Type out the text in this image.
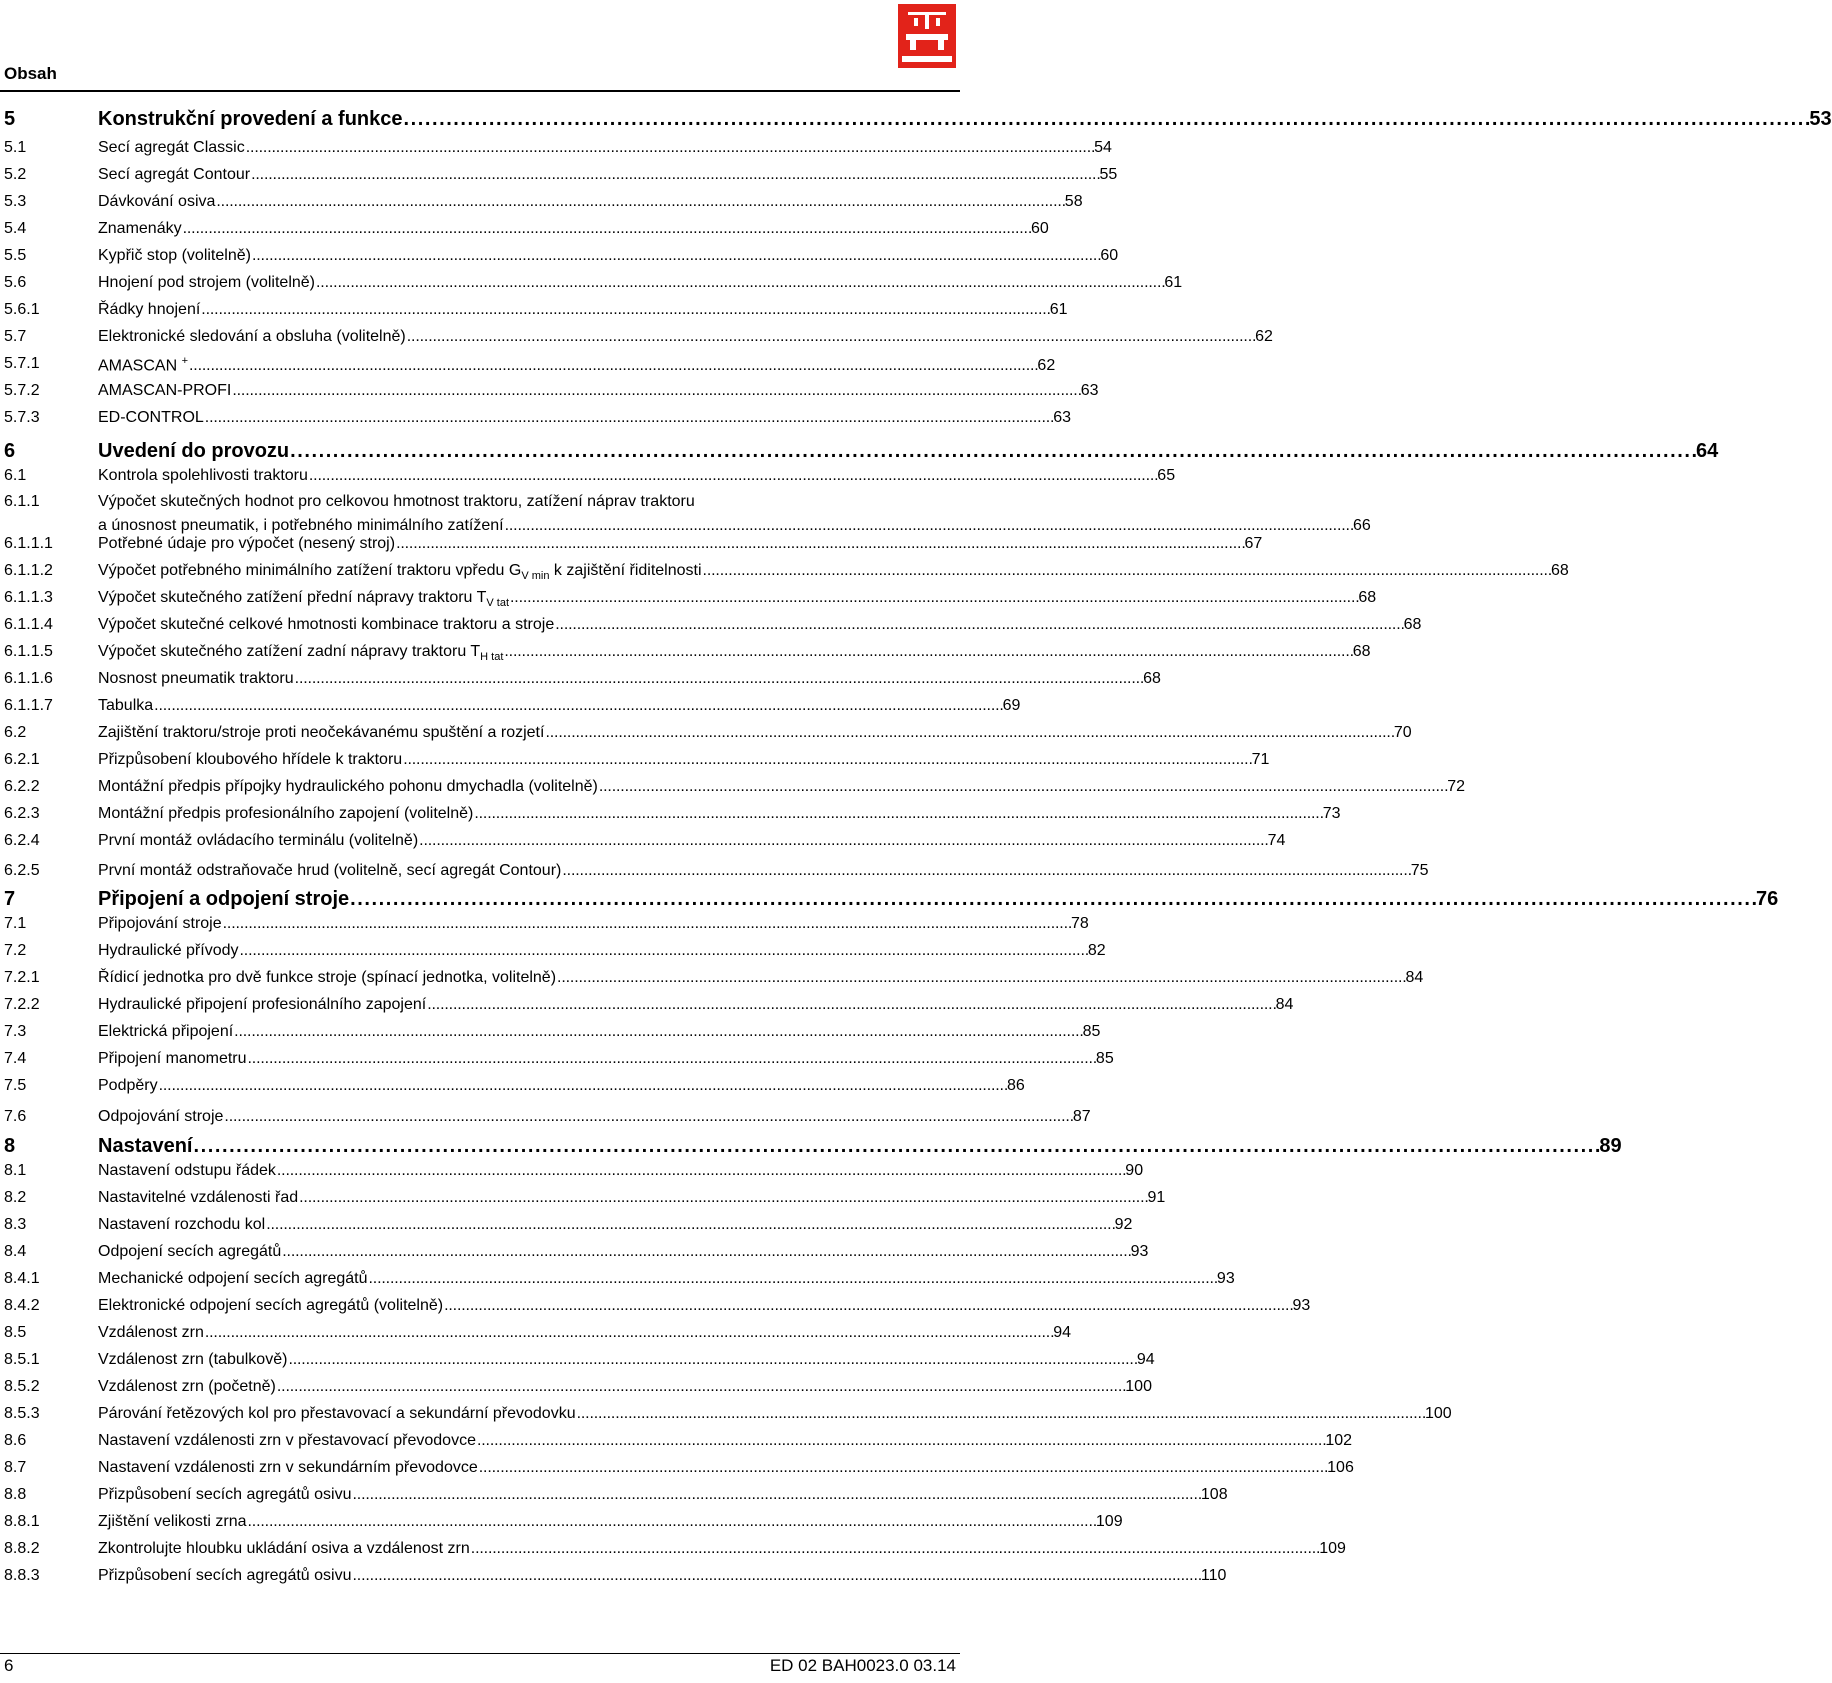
Obsah
5	Konstrukční provedení a funkce . . .	53
5.1	Secí agregát Classic . . .	54
5.2	Secí agregát Contour . . .	55
5.3	Dávkování osiva . . .	58
5.4	Znamenáky . . .	60
5.5	Kypřič stop (volitelně) . . .	60
5.6	Hnojení pod strojem (volitelně) . . .	61
5.6.1	Řádky hnojení . . .	61
5.7	Elektronické sledování a obsluha (volitelně) . . .	62
5.7.1	AMASCAN + . . .	62
5.7.2	AMASCAN-PROFI . . .	63
5.7.3	ED-CONTROL . . .	63
6	Uvedení do provozu . . .	64
6.1	Kontrola spolehlivosti traktoru . . .	65
6.1.1	Výpočet skutečných hodnot pro celkovou hmotnost traktoru, zatížení náprav traktoru
a únosnost pneumatik, i potřebného minimálního zatížení . . .	66
6.1.1.1	Potřebné údaje pro výpočet (nesený stroj) . . .	67
6.1.1.2	Výpočet potřebného minimálního zatížení traktoru vpředu $G_{V min}$ k zajištění řiditelnosti . . .	68
6.1.1.3	Výpočet skutečného zatížení přední nápravy traktoru $T_{V tat}$ . . .	68
6.1.1.4	Výpočet skutečné celkové hmotnosti kombinace traktoru a stroje . . .	68
6.1.1.5	Výpočet skutečného zatížení zadní nápravy traktoru $T_{H tat}$ . . .	68
6.1.1.6	Nosnost pneumatik traktoru . . .	68
6.1.1.7	Tabulka . . .	69
6.2	Zajištění traktoru/stroje proti neočekávanému spuštění a rozjetí . . .	70
6.2.1	Přizpůsobení kloubového hřídele k traktoru . . .	71
6.2.2	Montážní předpis přípojky hydraulického pohonu dmychadla (volitelně) . . .	72
6.2.3	Montážní předpis profesionálního zapojení (volitelně) . . .	73
6.2.4	První montáž ovládacího terminálu (volitelně) . . .	74
6.2.5	První montáž odstraňovače hrud (volitelně, secí agregát Contour) . . .	75
7	Připojení a odpojení stroje . . .	76
7.1	Připojování stroje . . .	78
7.2	Hydraulické přívody . . .	82
7.2.1	Řídicí jednotka pro dvě funkce stroje (spínací jednotka, volitelně) . . .	84
7.2.2	Hydraulické připojení profesionálního zapojení . . .	84
7.3	Elektrická připojení . . .	85
7.4	Připojení manometru . . .	85
7.5	Podpěry . . .	86
7.6	Odpojování stroje . . .	87
8	Nastavení . . .	89
8.1	Nastavení odstupu řádek . . .	90
8.2	Nastavitelné vzdálenosti řad . . .	91
8.3	Nastavení rozchodu kol . . .	92
8.4	Odpojení secích agregátů . . .	93
8.4.1	Mechanické odpojení secích agregátů . . .	93
8.4.2	Elektronické odpojení secích agregátů (volitelně) . . .	93
8.5	Vzdálenost zrn . . .	94
8.5.1	Vzdálenost zrn (tabulkově) . . .	94
8.5.2	Vzdálenost zrn (početně) . . .	100
8.5.3	Párování řetězových kol pro přestavovací a sekundární převodovku . . .	100
8.6	Nastavení vzdálenosti zrn v přestavovací převodovce . . .	102
8.7	Nastavení vzdálenosti zrn v sekundárním převodovce . . .	106
8.8	Přizpůsobení secích agregátů osivu . . .	108
8.8.1	Zjištění velikosti zrna . . .	109
8.8.2	Zkontrolujte hloubku ukládání osiva a vzdálenost zrn . . .	109
8.8.3	Přizpůsobení secích agregátů osivu . . .	110
6	ED 02 BAH0023.0 03.14
